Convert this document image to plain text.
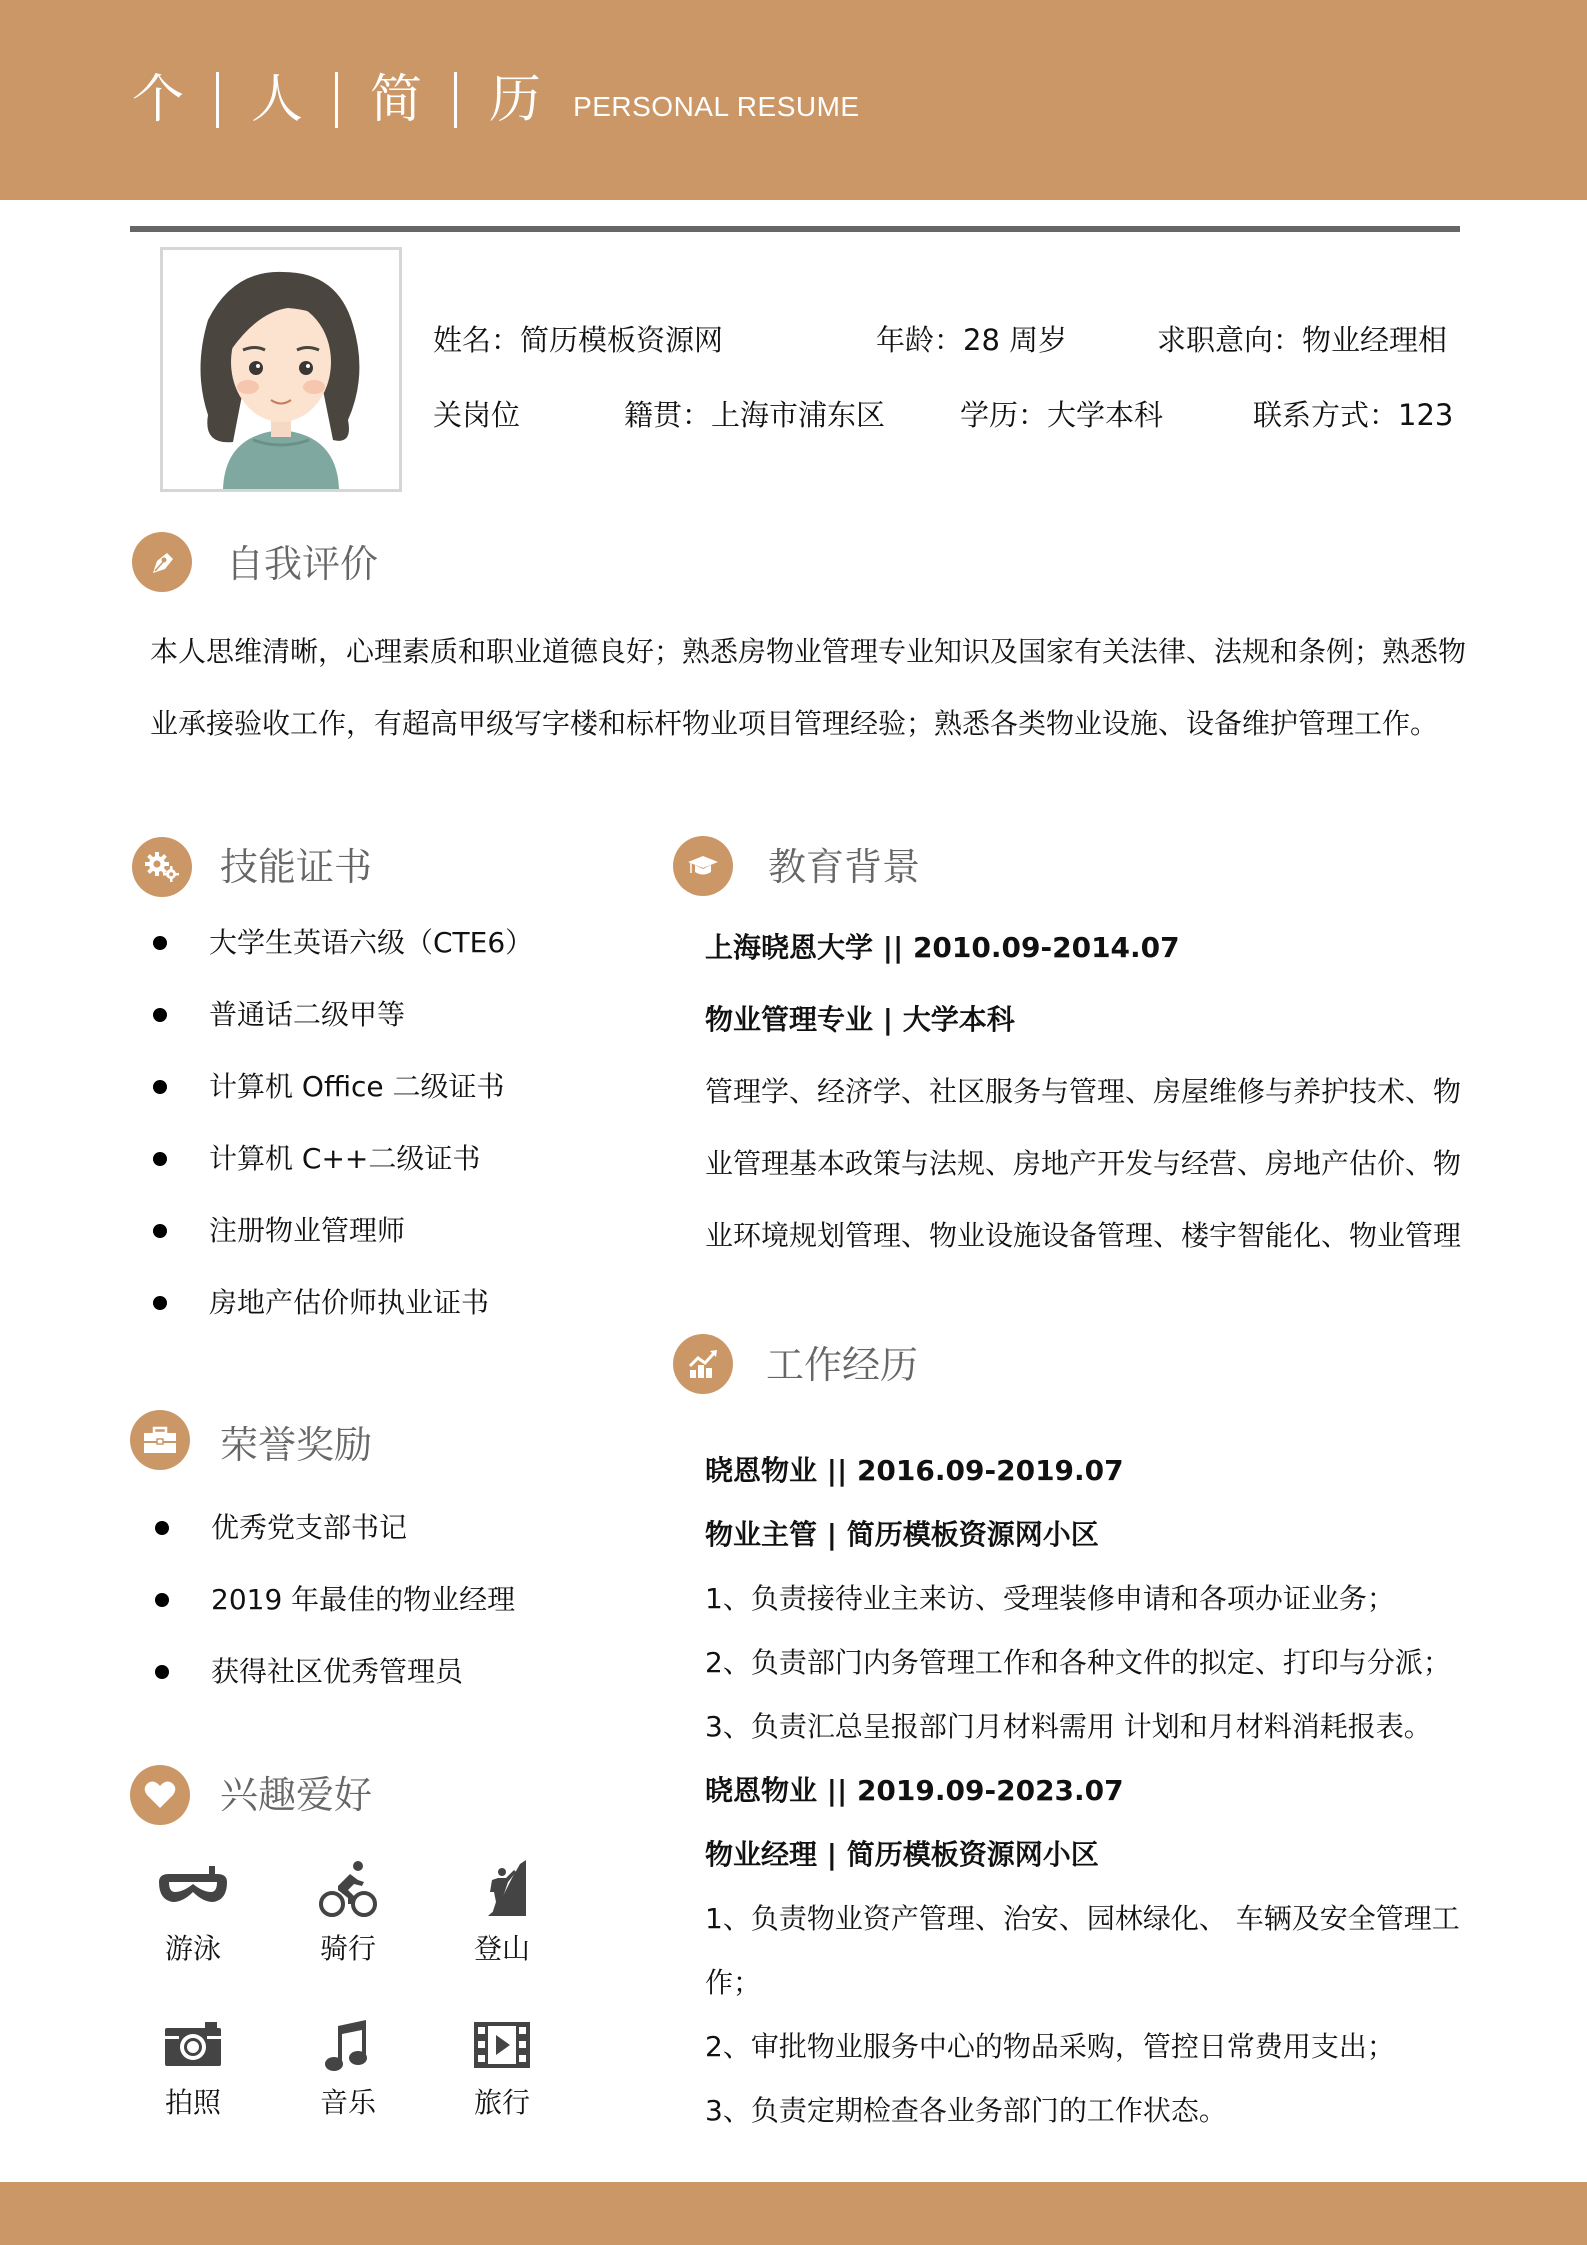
个 人 简 历 PERSONAL RESUME
姓名：简历模板资源网	年龄：28 周岁	求职意向：物业经理相
关岗位	籍贯：上海市浦东区	学历：大学本科	联系方式：123
自我评价
本人思维清晰，心理素质和职业道德良好；熟悉房物业管理专业知识及国家有关法律、法规和条例；熟悉物
业承接验收工作，有超高甲级写字楼和标杆物业项目管理经验；熟悉各类物业设施、设备维护管理工作。
技能证书
大学生英语六级（CTE6）
普通话二级甲等
计算机 Office 二级证书
计算机 C++二级证书
注册物业管理师
房地产估价师执业证书
教育背景
上海晓恩大学 || 2010.09-2014.07
物业管理专业 | 大学本科
管理学、经济学、社区服务与管理、房屋维修与养护技术、物
业管理基本政策与法规、房地产开发与经营、房地产估价、物
业环境规划管理、物业设施设备管理、楼宇智能化、物业管理
工作经历
晓恩物业 || 2016.09-2019.07
物业主管 | 简历模板资源网小区
1、负责接待业主来访、受理装修申请和各项办证业务；
2、负责部门内务管理工作和各种文件的拟定、打印与分派；
3、负责汇总呈报部门月材料需用 计划和月材料消耗报表。
晓恩物业 || 2019.09-2023.07
物业经理 | 简历模板资源网小区
1、负责物业资产管理、治安、园林绿化、 车辆及安全管理工
作；
2、审批物业服务中心的物品采购，管控日常费用支出；
3、负责定期检查各业务部门的工作状态。
荣誉奖励
优秀党支部书记
2019 年最佳的物业经理
获得社区优秀管理员
兴趣爱好
游泳	骑行	登山
拍照	音乐	旅行
